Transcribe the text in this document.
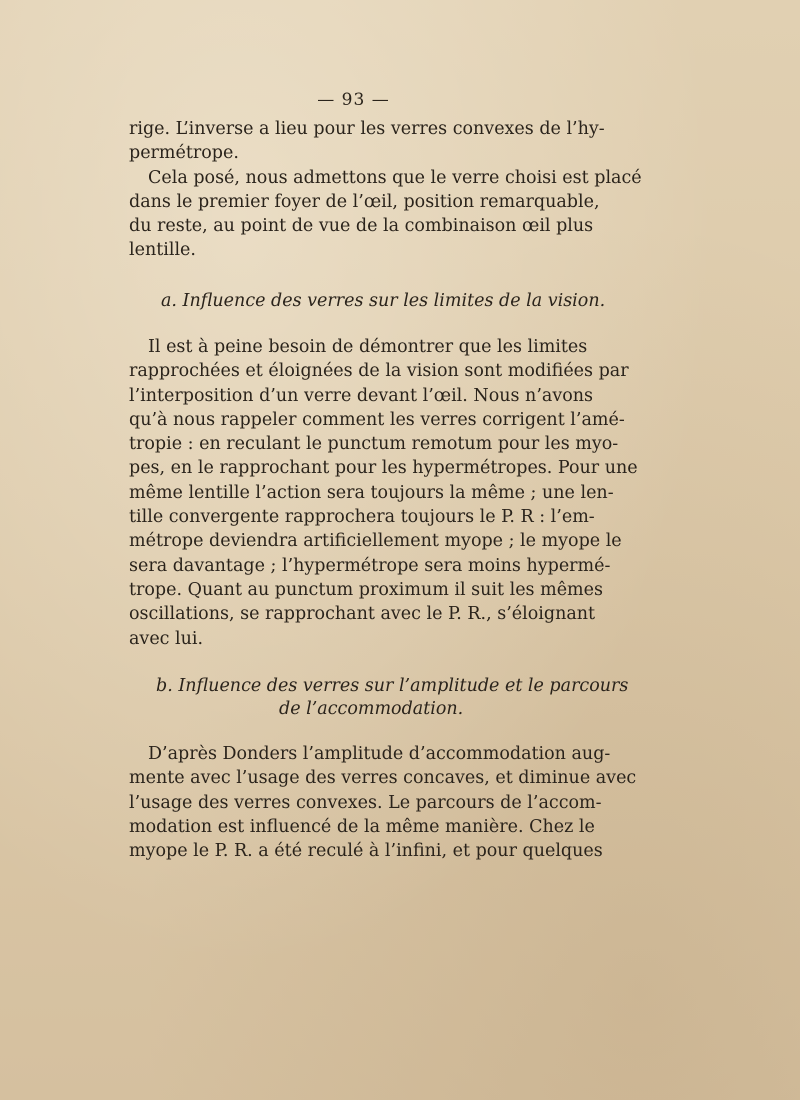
— 93 —
rige. L’inverse a lieu pour les verres convexes de l’hy-
permétrope.
Cela posé, nous admettons que le verre choisi est placé
dans le premier foyer de l’œil, position remarquable,
du reste, au point de vue de la combinaison œil plus
lentille.
a. Influence des verres sur les limites de la vision.
Il est à peine besoin de démontrer que les limites
rapprochées et éloignées de la vision sont modifiées par
l’interposition d’un verre devant l’œil. Nous n’avons
qu’à nous rappeler comment les verres corrigent l’amé-
tropie : en reculant le punctum remotum pour les myo-
pes, en le rapprochant pour les hypermétropes. Pour une
même lentille l’action sera toujours la même ; une len-
tille convergente rapprochera toujours le P. R : l’em-
métrope deviendra artificiellement myope ; le myope le
sera davantage ; l’hypermétrope sera moins hypermé-
trope. Quant au punctum proximum il suit les mêmes
oscillations, se rapprochant avec le P. R., s’éloignant
avec lui.
b. Influence des verres sur l’amplitude et le parcours
de l’accommodation.
D’après Donders l’amplitude d’accommodation aug-
mente avec l’usage des verres concaves, et diminue avec
l’usage des verres convexes. Le parcours de l’accom-
modation est influencé de la même manière. Chez le
myope le P. R. a été reculé à l’infini, et pour quelques
